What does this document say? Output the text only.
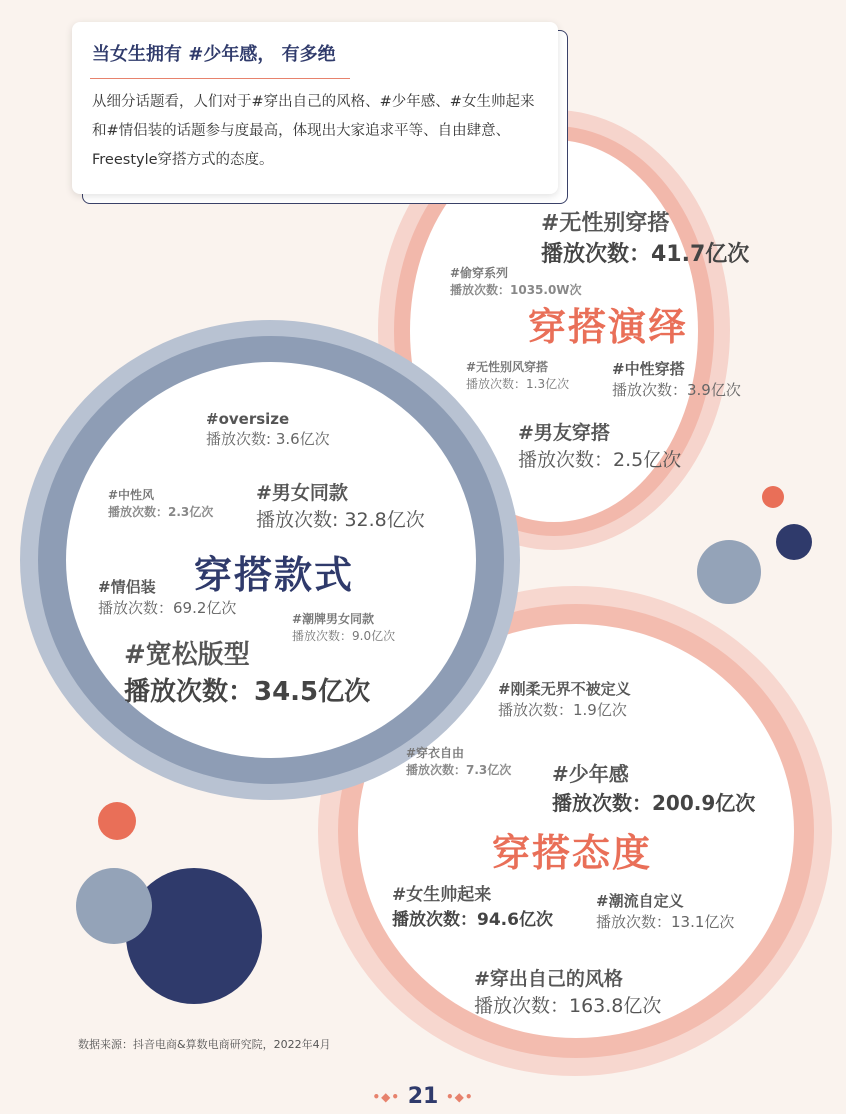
当女生拥有 #少年感， 有多绝
从细分话题看，人们对于#穿出自己的风格、#少年感、#女生帅起来和#情侣装的话题参与度最高，体现出大家追求平等、自由肆意、Freestyle穿搭方式的态度。
#无性别穿搭
播放次数：41.7亿次
#偷穿系列
播放次数：1035.0W次
穿搭演绎
#无性别风穿搭
播放次数：1.3亿次
#中性穿搭
播放次数：3.9亿次
#男友穿搭
播放次数：2.5亿次
#oversize
播放次数: 3.6亿次
#中性风
播放次数：2.3亿次
#男女同款
播放次数: 32.8亿次
穿搭款式
#情侣装
播放次数：69.2亿次
#潮牌男女同款
播放次数：9.0亿次
#宽松版型
播放次数：34.5亿次	#刚柔无界不被定义
播放次数：1.9亿次
#穿衣自由
播放次数：7.3亿次 #少年感
播放次数：200.9亿次
穿搭态度
#女生帅起来
播放次数：94.6亿次
#潮流自定义
播放次数：13.1亿次
#穿出自己的风格
播放次数：163.8亿次
数据来源：抖音电商&算数电商研究院，2022年4月
•◆• 21 •◆•
